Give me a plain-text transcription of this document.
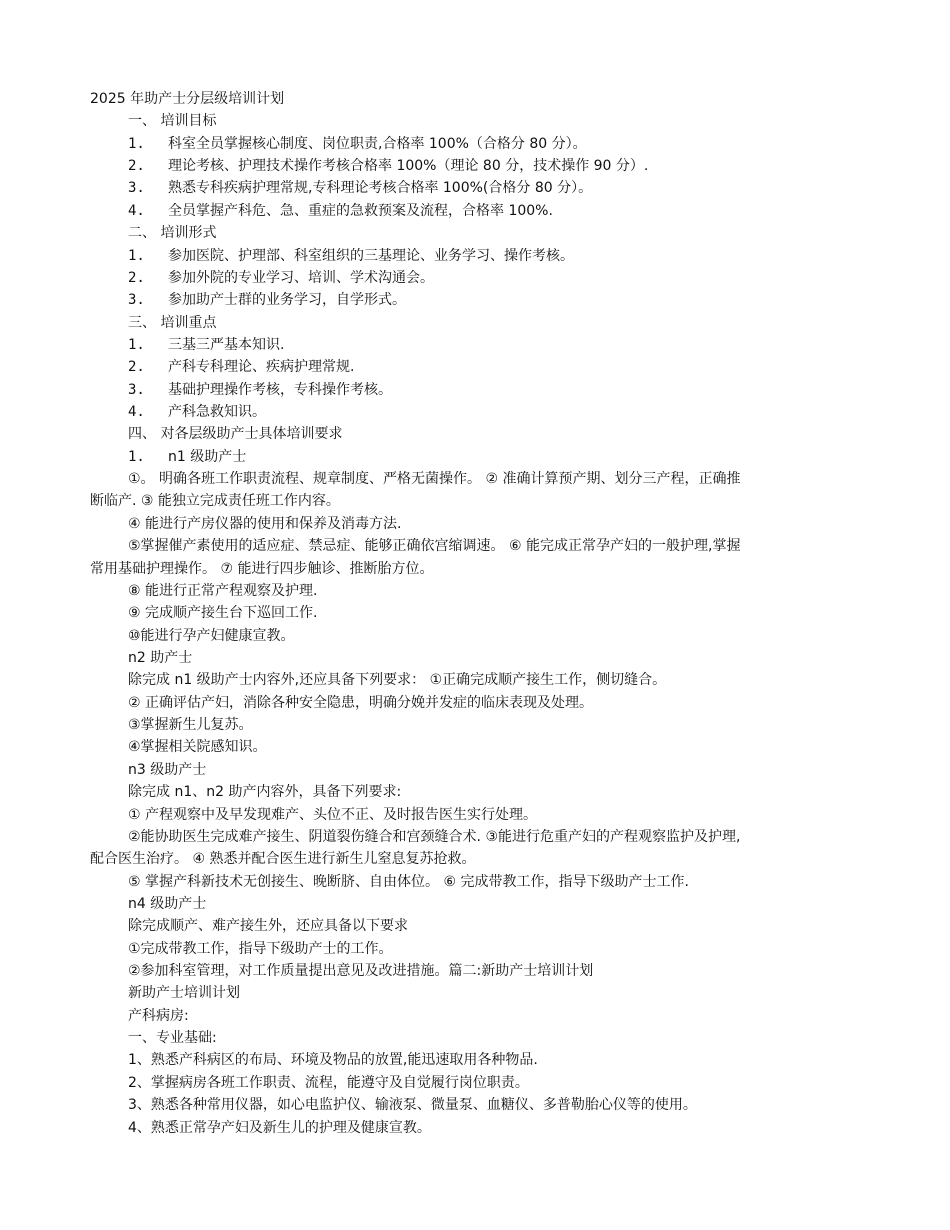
2025 年助产士分层级培训计划
一、 培训目标
1. 科室全员掌握核心制度、岗位职责,合格率 100%（合格分 80 分）。
2. 理论考核、护理技术操作考核合格率 100%（理论 80 分，技术操作 90 分）.
3. 熟悉专科疾病护理常规,专科理论考核合格率 100%(合格分 80 分）。
4. 全员掌握产科危、急、重症的急救预案及流程，合格率 100%.
二、 培训形式
1. 参加医院、护理部、科室组织的三基理论、业务学习、操作考核。
2. 参加外院的专业学习、培训、学术沟通会。
3. 参加助产士群的业务学习，自学形式。
三、 培训重点
1. 三基三严基本知识.
2. 产科专科理论、疾病护理常规.
3. 基础护理操作考核，专科操作考核。
4. 产科急救知识。
四、 对各层级助产士具体培训要求
1. n1 级助产士
①。 明确各班工作职责流程、规章制度、严格无菌操作。 ② 准确计算预产期、划分三产程，正确推
断临产. ③ 能独立完成责任班工作内容。
④ 能进行产房仪器的使用和保养及消毒方法.
⑤掌握催产素使用的适应症、禁忌症、能够正确依宫缩调速。 ⑥ 能完成正常孕产妇的一般护理,掌握
常用基础护理操作。 ⑦ 能进行四步触诊、推断胎方位。
⑧ 能进行正常产程观察及护理.
⑨ 完成顺产接生台下巡回工作.
⑩能进行孕产妇健康宣教。
n2 助产士
除完成 n1 级助产士内容外,还应具备下列要求： ①正确完成顺产接生工作，侧切缝合。
② 正确评估产妇，消除各种安全隐患，明确分娩并发症的临床表现及处理。
③掌握新生儿复苏。
④掌握相关院感知识。
n3 级助产士
除完成 n1、n2 助产内容外，具备下列要求:
① 产程观察中及早发现难产、头位不正、及时报告医生实行处理。
②能协助医生完成难产接生、阴道裂伤缝合和宫颈缝合术. ③能进行危重产妇的产程观察监护及护理,
配合医生治疗。 ④ 熟悉并配合医生进行新生儿窒息复苏抢救。
⑤ 掌握产科新技术无创接生、晚断脐、自由体位。 ⑥ 完成带教工作，指导下级助产士工作.
n4 级助产士
除完成顺产、难产接生外，还应具备以下要求
①完成带教工作，指导下级助产士的工作。
②参加科室管理，对工作质量提出意见及改进措施。篇二:新助产士培训计划
新助产士培训计划
产科病房:
一、专业基础:
1、熟悉产科病区的布局、环境及物品的放置,能迅速取用各种物品.
2、掌握病房各班工作职责、流程，能遵守及自觉履行岗位职责。
3、熟悉各种常用仪器，如心电监护仪、输液泵、微量泵、血糖仪、多普勒胎心仪等的使用。
4、熟悉正常孕产妇及新生儿的护理及健康宣教。
